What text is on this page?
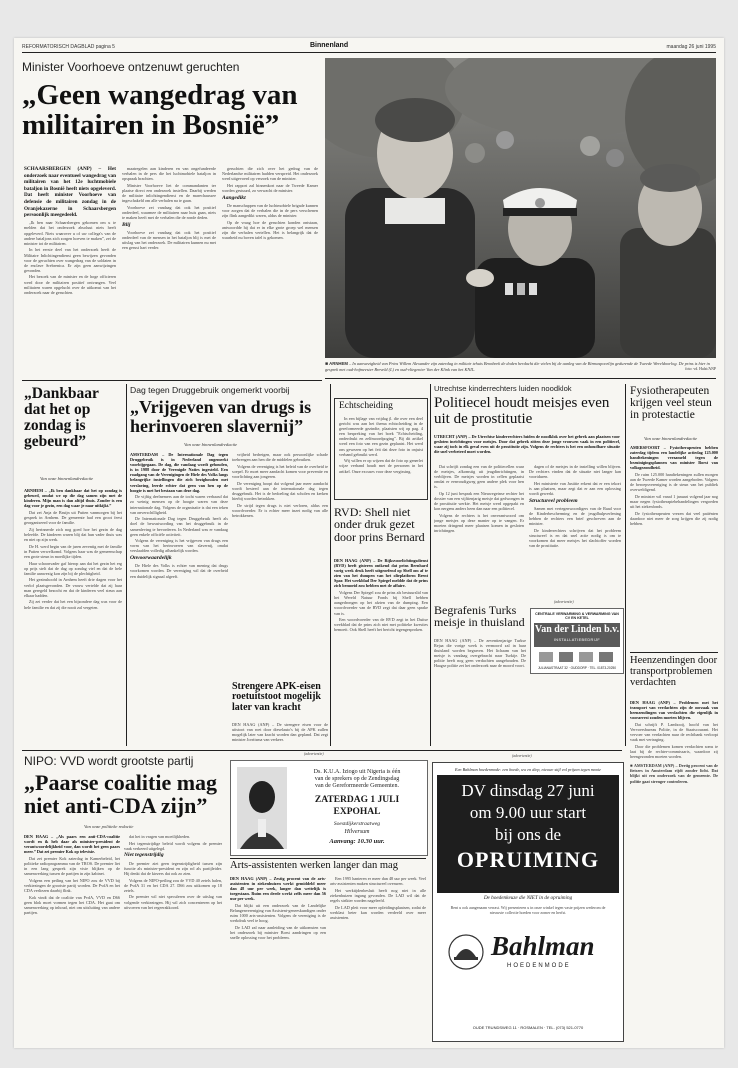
REFORMATORISCH DAGBLAD pagina 5	Binnenland	maandag 26 juni 1995
Minister Voorhoeve ontzenuwt geruchten
„Geen wangedrag van militairen in Bosnië”

SCHAARSBERGEN (ANP) – Het onderzoek naar eventueel wangedrag van militairen van het 12e luchtmobiele bataljon in Bosnië heeft niets opgeleverd. Dat heeft minister Voorhoeve van defensie de militairen zondag in de Oranjekazerne in Schaarsbergen persoonlijk meegedeeld.

„Ik ben naar Schaarsbergen gekomen om u te melden dat het onderzoek absoluut niets heeft opgeleverd. Niets waarover u of uw collega's van de andere bataljons zich zorgen hoeven te maken”, zei de minister tot de militairen.

In het eerste deel van het onderzoek heeft de Militaire Inlichtingendienst geen bewijzen gevonden voor de geruchten over wangedrag van de soldaten in de enclave Srebrenica. Er zijn geen aanwijzingen gevonden.

Het bezoek van de minister en de hoge officieren werd door de militairen positief ontvangen. Veel militairen waren opgelucht over de uitkomst van het onderzoek naar de geruchten.

maatregelen aan kinderen en van ongefundeerde verhalen in de pers die het luchtmobiele bataljon in opspraak brachten.

Minister Voorhoeve liet de commandanten ter plaatse direct een onderzoek instellen. Daarbij werden de militaire inlichtingendienst en de marechaussee ingeschakeld om alle verhalen na te gaan.

Voorhoeve zei vandaag dat ook het positief onderdeel, waarmee de militairen naar huis gaan, niets te maken heeft met de verhalen die de ronde deden.

Blij

Voorhoeve zei vandaag dat ook het positief onderdeel van de mensen in het bataljon blij is met de uitslag van het onderzoek. De militairen kunnen nu met een gerust hart verder.

geruchten die zich over het gedrag van de Nederlandse militairen hadden verspreid. Het onderzoek werd uitgevoerd op verzoek van de minister.

Het rapport zal binnenkort naar de Tweede Kamer worden gestuurd, zo verwacht de minister.

Aangedikt

De manschappen van de luchtmobiele brigade kunnen voor zorgen dat de verhalen die in de pers verschenen zijn flink aangedikt waren, aldus de minister.

Op de vraag hoe de geruchten konden ontstaan, antwoordde hij dat er in elke grote groep wel mensen zijn die verhalen vertellen. Het is belangrijk dat de waarheid nu boven tafel is gekomen.

■ ARNHEM – In aanwezigheid van Prins Willem Alexander zijn zaterdag in militair tehuis Bronbeek de doden herdacht die vielen bij de aanleg van de Birmaspoorlijn gedurende de Tweede Wereldoorlog. De prins is hier in gesprek met oud-hofmeester Breveld (L) en oud-vliegenier Van der Klink van het KNIL.	foto: vd. Hulst/ANP
„Dankbaar dat het op zondag is gebeurd”
Van onze binnenlandredactie

ARNHEM – „Ik ben dankbaar dat het op zondag is gebeurd, omdat we op die dag samen zijn met de kinderen. Mijn man is dan altijd thuis. Zonder is een dag voor je gezin, een dag waar je naar uitkijkt.”

Dat zei Anja de Bruijn uit Putten vanmorgen bij het gesprek in Arnhem. De gemeente had een groot feest georganiseerd voor de familie.

Zij herinnerde zich nog goed hoe het gezin de dag beleefde. De kinderen waren blij dat hun vader thuis was en niet op zijn werk.

De H. werd begin van de jaren zeventig met de familie in Putten verwelkomd. Volgens haar was de gemeenschap een grote steun in moeilijke tijden.

Haar schoonvader gaf hierop aan dat het gezin het erg op prijs stelt dat de dag op zondag viel en dat de hele familie aanwezig kon zijn bij de plechtigheid.

Het gezinshoofd in Arnhem heeft drie dagen voor het verlof plaatsgevonden. De vrouw vertelde dat zij haar man geregeld bezocht en dat de kinderen veel steun aan elkaar hadden.

Zij zei verder dat het een bijzondere dag was voor de hele familie en dat zij die nooit zal vergeten.

Dag tegen Druggebruik ongemerkt voorbij
„Vrijgeven van drugs is herinvoeren slavernij”
Van onze binnenlandredactie

AMSTERDAM – De Internationale Dag tegen Druggebruik is in Nederland ongemerkt voorbijgegaan. De dag, die vandaag wordt gehouden, is in 1988 door de Verenigde Naties ingesteld. Een roadgang van de Verenigingen de Hiele des Volks langs belangrijke instellingen die zich bezighouden met verslaving, leerde echter dat geen van hen op de hoogte is met het bestaan van deze dag.

De vijftig deelnemers aan de tocht waren verbaasd dat zo weinig mensen op de hoogte waren van deze internationale dag. Volgens de organisatie is dat een teken van onverschilligheid.

De Internationale Dag tegen Druggebruik heeft als doel de bewustwording van het druggebruik in de samenleving te bevorderen. In Nederland was er vandaag geen enkele officiële activiteit.

Volgens de vereniging is het vrijgeven van drugs een vorm van het herinvoeren van slavernij, omdat verslaafden volledig afhankelijk worden.

Onvoorwaardelijk

De Hiele des Volks is echter van mening dat drugs voorkomen worden. De vereniging wil dat de overheid een duidelijk signaal afgeeft.

vrijheid bedreigen, maar ook persoonlijke schade toebrengen aan hen die de middelen gebruiken.

Volgens de vereniging is het beleid van de overheid te soepel. Er moet meer aandacht komen voor preventie en voorlichting aan jongeren.

De vereniging hoopt dat volgend jaar meer aandacht wordt besteed aan de internationale dag tegen druggebruik. Het is de bedoeling dat scholen en kerken hierbij worden betrokken.

De strijd tegen drugs is niet verloren, aldus een woordvoerder. Er is echter meer inzet nodig van alle betrokkenen.

Strengere APK-eisen roetuitstoot mogelijk later van kracht

DEN HAAG (ANP) – De strengere eisen voor de uitstoot van roet door dieselauto's bij de APK zullen mogelijk later van kracht worden dan gepland. Dat zegt minister Jorritsma van verkeer.

Echtscheiding

In een bijlage van vrijdag jl. die over een deel gericht was aan het thema echtscheiding in de gereformeerde gezindte, plaatsten wij op pag. 4 een bespreking van het boek "Echtscheiding, onderdrukt en zelfmoordpoging". Bij dit artikel werd een foto van een gezin geplaatst. Het werd ons gewezen op het feit dat deze foto in onjuist verband gebruikt werd.

Wij willen er op wijzen dat de foto op generlei wijze verband houdt met de personen in het artikel. Onze excuses voor deze vergissing.

RVD: Shell niet onder druk gezet door prins Bernard

DEN HAAG (ANP) – De Rijksvoorlichtingsdienst (RVD) heeft gisteren ontkend dat prins Bernhard vorig week druk heeft uitgeoefend op Shell om af te zien van het dumpen van het olieplatform Brent Spar. Het weekblad Der Spiegel meldde dat de prins zich bemoeid zou hebben met de affaire.

Volgens Der Spiegel zou de prins als bestuurslid van het Wereld Natuur Fonds bij Shell hebben aangedrongen op het afzien van de dumping. Een woordvoerder van de RVD zegt dat daar geen sprake van is.

Een woordvoerder van de RVD zegt in het Duitse weekblad dat de prins zich niet met politieke kwesties bemoeit. Ook Shell heeft het bericht tegengesproken.

Utrechtse kinderrechters luiden noodklok
Politiecel houdt meisjes even uit de prostitutie

UTRECHT (ANP) – De Utrechtse kinderrechters luiden de noodklok over het gebrek aan plaatsen voor gesloten inrichtingen voor meisjes. Door dat gebrek zitten deze jonge vrouwen vaak in een politiecel, waar zij toch in elk geval even uit de prostitutie zijn. Volgens de rechters is het een onhoudbare situatie die snel verbeterd moet worden.

Dat schrijft zondag een van de politiecellen waar de meisjes, afkomstig uit jeugdinrichtingen, in verblijven. De meisjes worden in cellen geplaatst omdat er eenvoudigweg geen andere plek voor hen is.

Op 12 juni besprak een Nieuwegeinse rechter het dossier van een vijftienjarig meisje dat gedwongen in de prostitutie werkte. Het meisje werd opgepakt en kon nergens anders heen dan naar een politiecel.

Volgens de rechters is het onverantwoord om jonge meisjes op deze manier op te vangen. Er moeten dringend meer plaatsen komen in gesloten inrichtingen.

dagen of de meisjes in de instelling willen blijven. De rechters vinden dat de situatie niet langer kan voortduren.

Het ministerie van Justitie erkent dat er een tekort is aan plaatsen, maar zegt dat er aan een oplossing wordt gewerkt.

Structureel probleem

Samen met vertegenwoordigers van de Raad voor de Kinderbescherming en de jeugdhulpverlening hebben de rechters een brief geschreven aan de minister.

De kinderrechters schrijven dat het probleem structureel is en dat snel actie nodig is om te voorkomen dat meer meisjes het slachtoffer worden van de prostitutie.

Begrafenis Turks meisje in thuisland

DEN HAAG (ANP) – De zeventienjarige Turkse Rejaa die vorige week is vermoord zal in haar thuisland worden begraven. Het lichaam van het meisje is vandaag overgebracht naar Turkije. De politie heeft nog geen verdachten aangehouden. De Haagse politie zet het onderzoek naar de moord voort.

(advertentie)
CENTRALE VERWARMING & VERWARMING VAN CV EN KETEL
Van der Linden b.v.
INSTALLATIEBEDRIJF
JULIANASTRAAT 32 · OUDDORP · TEL. 01873-20250
Fysiotherapeuten krijgen veel steun in protestactie
Van onze binnenlandredactie

AMERSFOORT – Fysiotherapeuten hebben zaterdag tijdens een landelijke actiedag 125.000 handtekeningen verzameld tegen de bezuinigingsplannen van minister Borst van volksgezondheid.

De ruim 125.000 handtekeningen zullen morgen aan de Tweede Kamer worden aangeboden. Volgens de beroepsvereniging is de steun van het publiek overweldigend.

De minister wil vanaf 1 januari volgend jaar nog maar negen fysiotherapiebehandelingen vergoeden uit het ziekenfonds.

De fysiotherapeuten vrezen dat veel patiënten daardoor niet meer de zorg krijgen die zij nodig hebben.

Heenzendingen door transportproblemen verdachten

DEN HAAG (ANP) – Problemen met het transport van verdachten zijn de oorzaak van heenzendingen van verdachten die eigenlijk in voorarrest zouden moeten blijven.

Dat schrijft P. Lambooij, hoofd van het Vervoersbureau Politie, in de Staatscourant. Het vervoer van verdachten naar de rechtbank verloopt vaak met vertraging.

Door die problemen komen verdachten soms te laat bij de rechter-commissaris, waardoor zij heengezonden moeten worden.

■ AMSTERDAM (ANP) – Dertig procent van de fietsers in Amsterdam rijdt zonder licht. Dat blijkt uit een onderzoek van de gemeente. De politie gaat strenger controleren.

NIPO: VVD wordt grootste partij
„Paarse coalitie mag niet anti-CDA zijn”
Van onze politieke redactie

DEN HAAG – „Als paars een anti-CDA-coalitie wordt en ik heb daar als minister-president de verantwoordelijkheid voor, dan wordt het geen paars meer.” Dat zei premier Kok op televisie.

Dat zei premier Kok zaterdag in Kamerbeleid, het politieke radioprogramma van de TROS. De premier liet in een lang gesprek zijn visie blijken op de samenwerking tussen de partijen in zijn kabinet.

Volgens een peiling van het NIPO zou de VVD bij verkiezingen de grootste partij worden. De PvdA en het CDA verliezen daarbij flink.

Kok vindt dat de coalitie van PvdA, VVD en D66 geen blok moet vormen tegen het CDA. Het gaat om samenwerking op inhoud, niet om uitsluiting van andere partijen.

dat het in vragen van moeilijkheden.

Het tegenstrijdige beleid wordt volgens de premier vaak verkeerd uitgelegd.

Niet tegenstrijdig

De premier ziet geen tegenstrijdigheid tussen zijn functie als minister-president en zijn rol als partijleider. Hij denkt dat de kiezers dat ook zo zien.

Volgens de NIPO-peiling zou de VVD 40 zetels halen, de PvdA 31 en het CDA 27. D66 zou uitkomen op 18 zetels.

De premier wil niet speculeren over de uitslag van volgende verkiezingen. Hij wil zich concentreren op het uitvoeren van het regeerakkoord.

(advertentie)
Ds. K.U.A. Iziogo uit Nigeria is één
van de sprekers op de Zendingsdag
van de Gereformeerde Gemeenten.
ZATERDAG 1 JULI
EXPOHAL
Soestdijkerstraatweg
Hilversum
Aanvang: 10.30 uur.
Arts-assistenten werken langer dan mag

DEN HAAG (ANP) – Zestig procent van de arts-assistenten in ziekenhuizen werkt gemiddeld meer dan 48 uur per week, langer dan wettelijk is toegestaan. Ruim een derde werkt zelfs meer dan 56 uur per week.

Dat blijkt uit een onderzoek van de Landelijke Belangenvereniging van Assistent-geneeskundigen onder ruim 1000 arts-assistenten. Volgens de vereniging is de werkdruk veel te hoog.

De LAD zal naar aanleiding van de uitkomsten van het onderzoek bij minister Borst aandringen op een snelle oplossing voor het probleem.

Een 1995 hanteren er meer dan 48 uur per week. Veel arts-assistenten maken structureel overuren.

Het werktijdenbesluit heeft nog niet in alle ziekenhuizen ingang gevonden. De LAD wil dat de regels strikter worden nageleefd.

De LAD pleit voor meer opleidingsplaatsen, zodat de werklast beter kan worden verdeeld over meer assistenten.

(advertentie)
Een Bahlman hoedenmode: een hoede, uw en diep, nieuwe stijl vol prijzen tegen mooie
DV dinsdag 27 juni
om 9.00 uur start
bij ons de
OPRUIMING
De hoedenkeuze die NIET in de opruiming
Bent u ook aangenaam verrast. Wij presenteren u in onze winkel tegen vaste prijzen wederom de nieuwste collectie hoeden voor zomer en herfst.
Bahlman
HOEDENMODE
OUDE TRUNDSWEG 11 · ROSMALEN · TEL. (073) 521-0770
